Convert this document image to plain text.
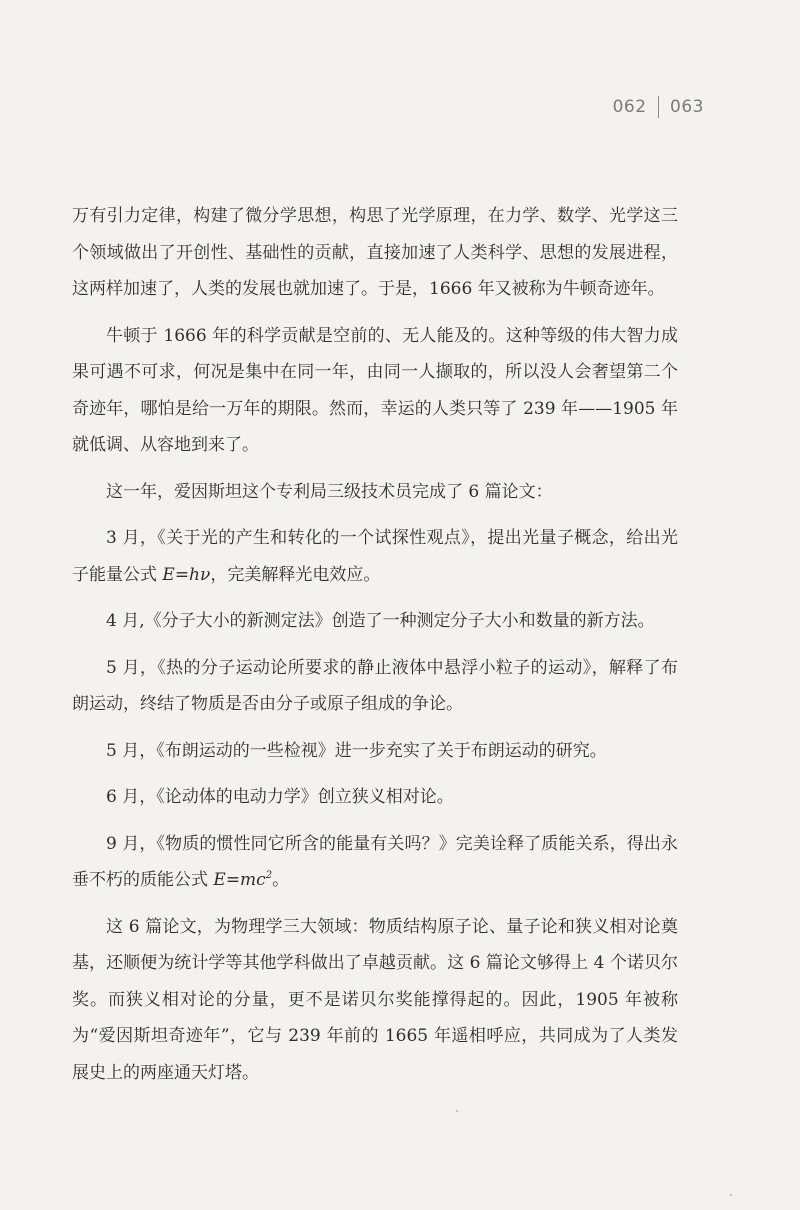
062 063

万有引力定律，构建了微分学思想，构思了光学原理，在力学、数学、光学这三个领域做出了开创性、基础性的贡献，直接加速了人类科学、思想的发展进程，这两样加速了，人类的发展也就加速了。于是，1666 年又被称为牛顿奇迹年。

牛顿于 1666 年的科学贡献是空前的、无人能及的。这种等级的伟大智力成果可遇不可求，何况是集中在同一年，由同一人撷取的，所以没人会奢望第二个奇迹年，哪怕是给一万年的期限。然而，幸运的人类只等了 239 年——1905 年就低调、从容地到来了。

这一年，爱因斯坦这个专利局三级技术员完成了 6 篇论文：

3 月，《关于光的产生和转化的一个试探性观点》，提出光量子概念，给出光子能量公式 E=hν，完美解释光电效应。

4 月,《分子大小的新测定法》创造了一种测定分子大小和数量的新方法。

5 月，《热的分子运动论所要求的静止液体中悬浮小粒子的运动》，解释了布朗运动，终结了物质是否由分子或原子组成的争论。

5 月，《布朗运动的一些检视》进一步充实了关于布朗运动的研究。

6 月，《论动体的电动力学》创立狭义相对论。

9 月，《物质的惯性同它所含的能量有关吗？》完美诠释了质能关系，得出永垂不朽的质能公式 $E=mc^2$。

这 6 篇论文，为物理学三大领域：物质结构原子论、量子论和狭义相对论奠基，还顺便为统计学等其他学科做出了卓越贡献。这 6 篇论文够得上 4 个诺贝尔奖。而狭义相对论的分量，更不是诺贝尔奖能撑得起的。因此，1905 年被称为“爱因斯坦奇迹年”，它与 239 年前的 1665 年遥相呼应，共同成为了人类发展史上的两座通天灯塔。
